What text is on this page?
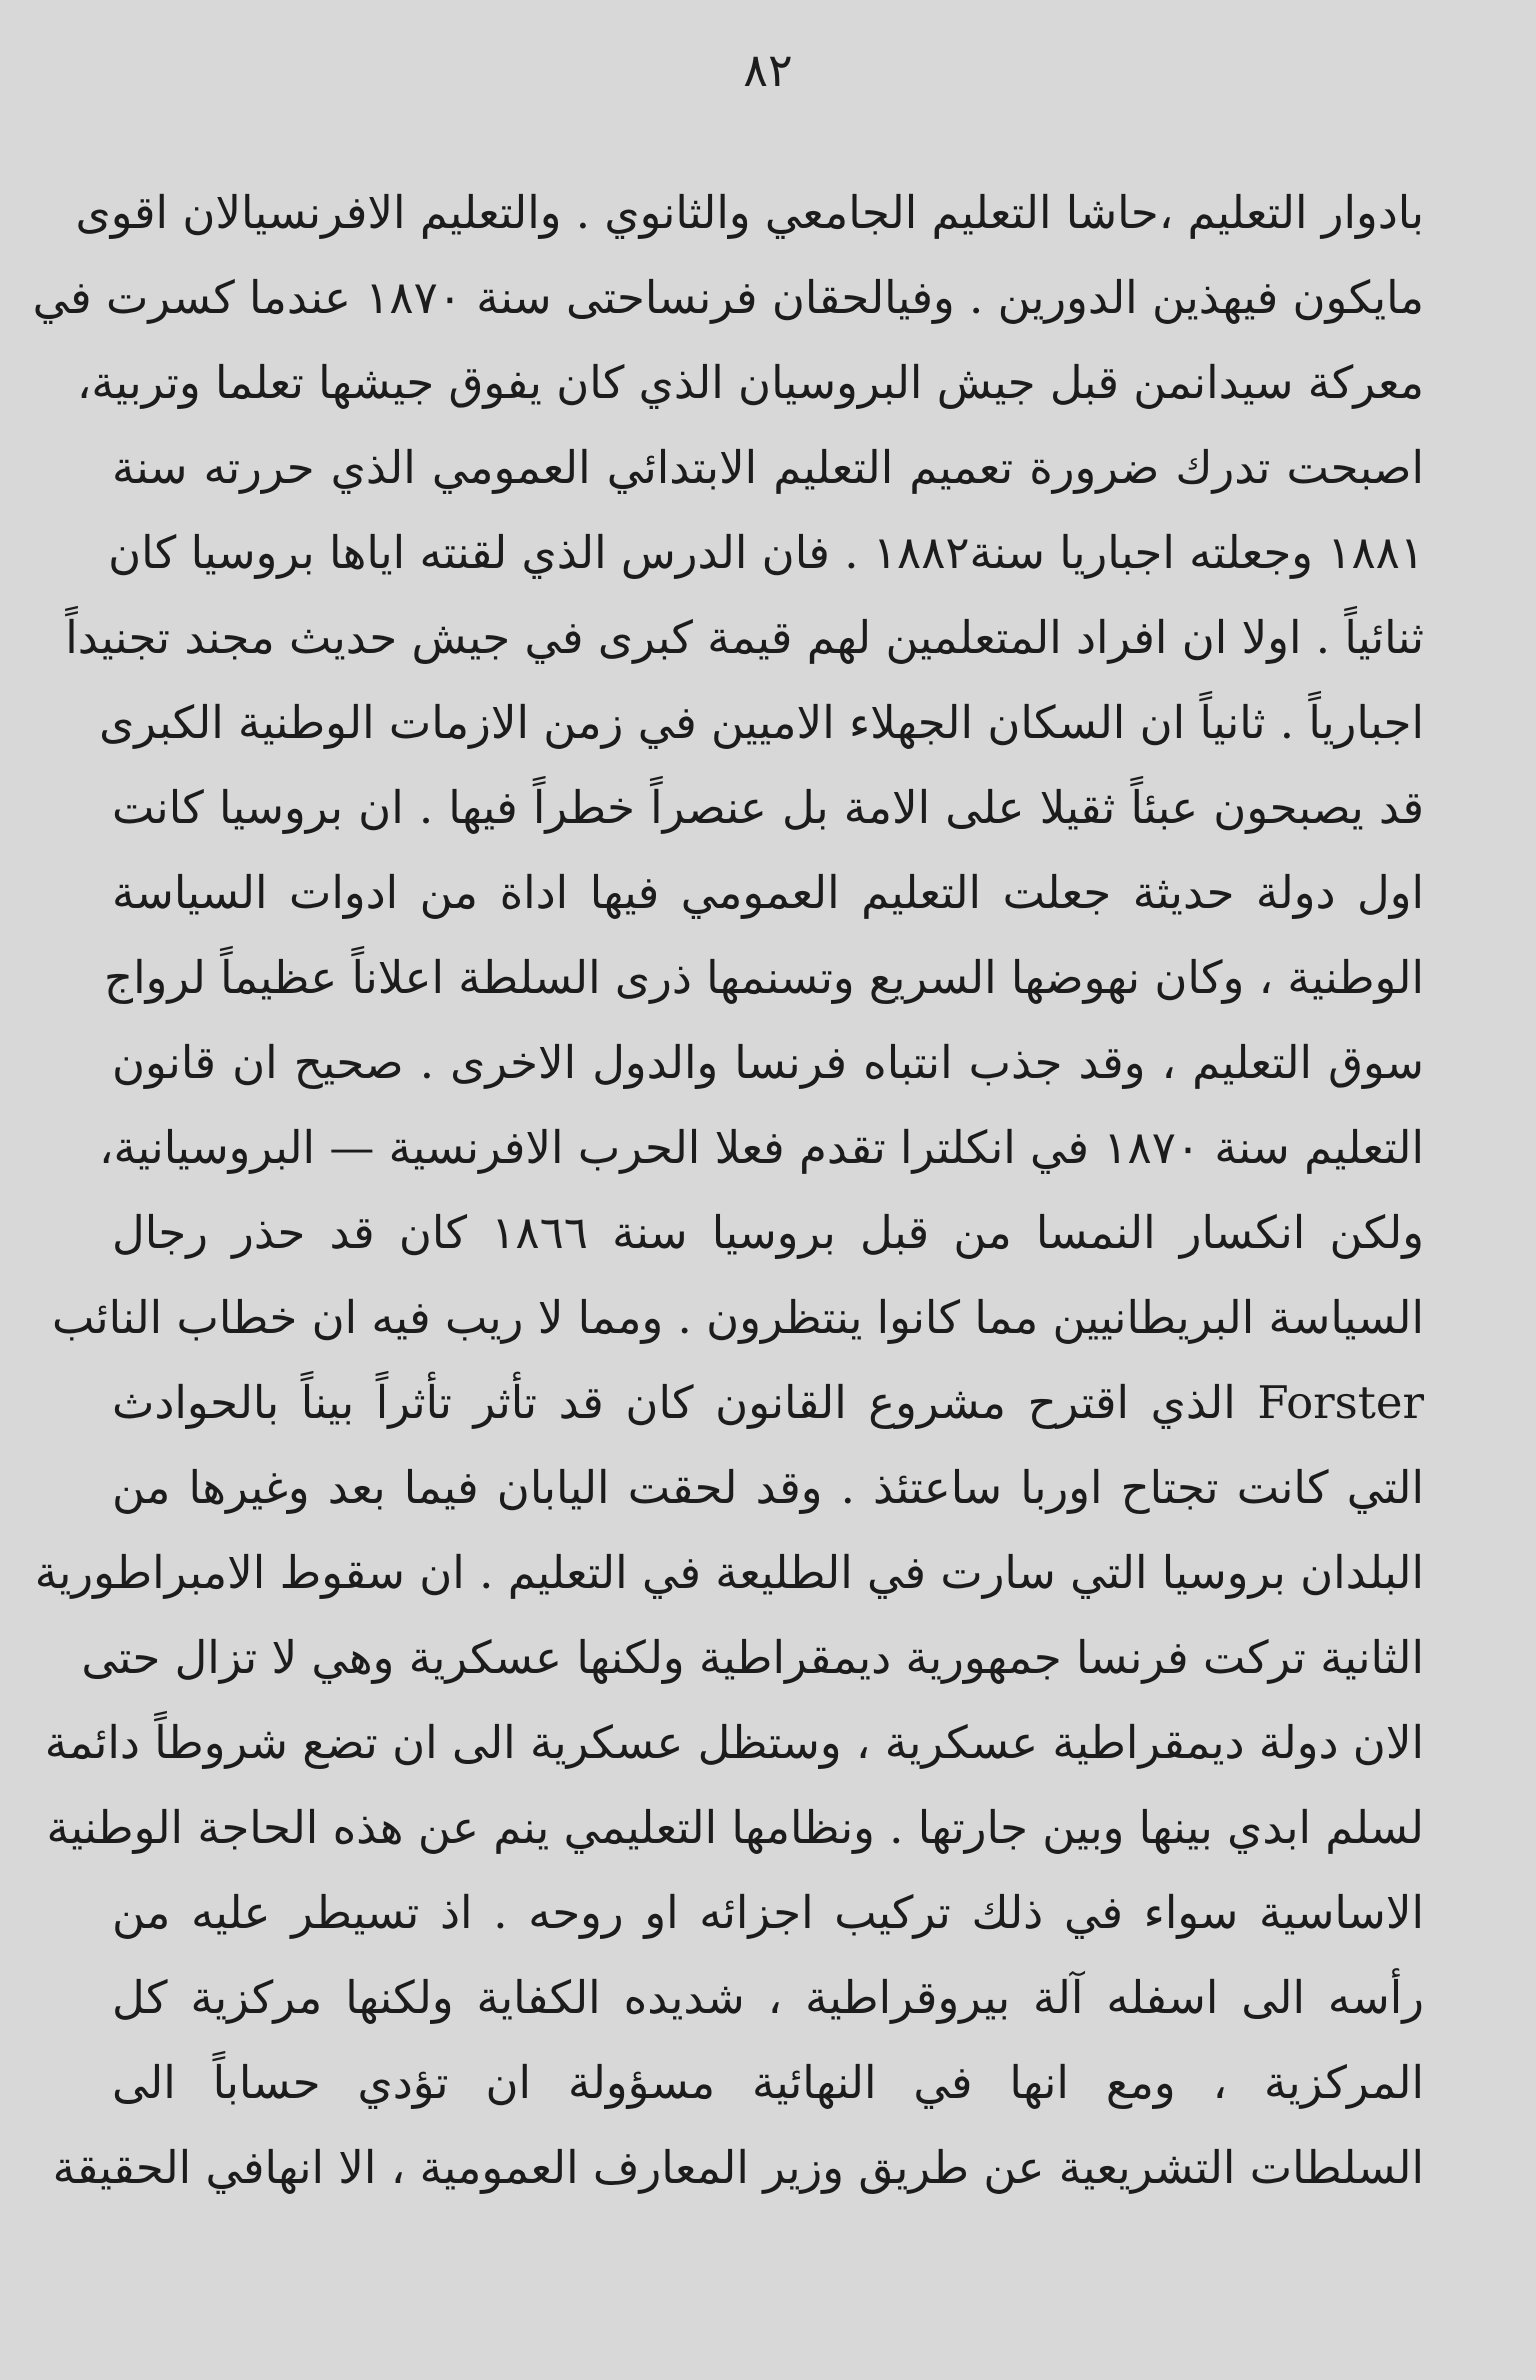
٨٢
بادوار التعليم ،حاشا التعليم الجامعي والثانوي . والتعليم الافرنسيالان اقوى
مايكون فيهذين الدورين . وفيالحقان فرنساحتى سنة ١٨٧٠ عندما كسرت في
معركة سيدانمن قبل جيش البروسيان الذي كان يفوق جيشها تعلما وتربية،
اصبحت تدرك ضرورة تعميم التعليم الابتدائي العمومي الذي حررته سنة
١٨٨١ وجعلته اجباريا سنة١٨٨٢ . فان الدرس الذي لقنته اياها بروسيا كان
ثنائياً . اولا ان افراد المتعلمين لهم قيمة كبرى في جيش حديث مجند تجنيداً
اجبارياً . ثانياً ان السكان الجهلاء الاميين في زمن الازمات الوطنية الكبرى
قد يصبحون عبئاً ثقيلا على الامة بل عنصراً خطراً فيها . ان بروسيا كانت
اول دولة حديثة جعلت التعليم العمومي فيها اداة من ادوات السياسة
الوطنية ، وكان نهوضها السريع وتسنمها ذرى السلطة اعلاناً عظيماً لرواج
سوق التعليم ، وقد جذب انتباه فرنسا والدول الاخرى . صحيح ان قانون
التعليم سنة ١٨٧٠ في انكلترا تقدم فعلا الحرب الافرنسية — البروسيانية،
ولكن انكسار النمسا من قبل بروسيا سنة ١٨٦٦ كان قد حذر رجال
السياسة البريطانيين مما كانوا ينتظرون . ومما لا ريب فيه ان خطاب النائب
Forster الذي اقترح مشروع القانون كان قد تأثر تأثراً بيناً بالحوادث
التي كانت تجتاح اوربا ساعتئذ . وقد لحقت اليابان فيما بعد وغيرها من
البلدان بروسيا التي سارت في الطليعة في التعليم . ان سقوط الامبراطورية
الثانية تركت فرنسا جمهورية ديمقراطية ولكنها عسكرية وهي لا تزال حتى
الان دولة ديمقراطية عسكرية ، وستظل عسكرية الى ان تضع شروطاً دائمة
لسلم ابدي بينها وبين جارتها . ونظامها التعليمي ينم عن هذه الحاجة الوطنية
الاساسية سواء في ذلك تركيب اجزائه او روحه . اذ تسيطر عليه من
رأسه الى اسفله آلة بيروقراطية ، شديده الكفاية ولكنها مركزية كل
المركزية ، ومع انها في النهائية مسؤولة ان تؤدي حساباً الى
السلطات التشريعية عن طريق وزير المعارف العمومية ، الا انهافي الحقيقة
